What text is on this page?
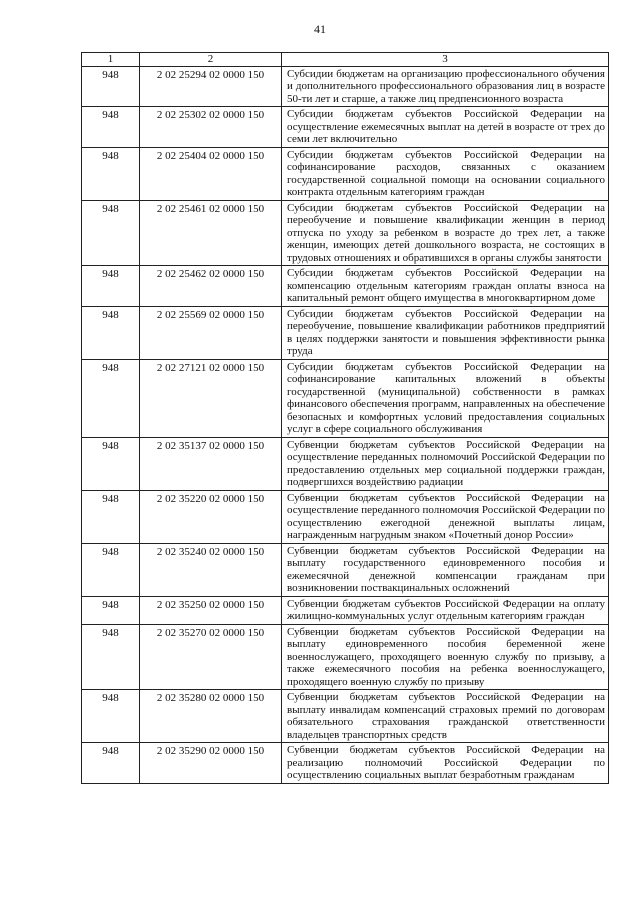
41
1	2	3
948	2 02 25294 02 0000 150	Субсидии бюджетам на организацию профессионального обучения и дополнительного профессионального образования лиц в возрасте 50-ти лет и старше, а также лиц предпенсионного возраста
948	2 02 25302 02 0000 150	Субсидии бюджетам субъектов Российской Федерации на осуществление ежемесячных выплат на детей в возрасте от трех до семи лет включительно
948	2 02 25404 02 0000 150	Субсидии бюджетам субъектов Российской Федерации на софинансирование расходов, связанных с оказанием государственной социальной помощи на основании социального контракта отдельным категориям граждан
948	2 02 25461 02 0000 150	Субсидии бюджетам субъектов Российской Федерации на переобучение и повышение квалификации женщин в период отпуска по уходу за ребенком в возрасте до трех лет, а также женщин, имеющих детей дошкольного возраста, не состоящих в трудовых отношениях и обратившихся в органы службы занятости
948	2 02 25462 02 0000 150	Субсидии бюджетам субъектов Российской Федерации на компенсацию отдельным категориям граждан оплаты взноса на капитальный ремонт общего имущества в многоквартирном доме
948	2 02 25569 02 0000 150	Субсидии бюджетам субъектов Российской Федерации на переобучение, повышение квалификации работников предприятий в целях поддержки занятости и повышения эффективности рынка труда
948	2 02 27121 02 0000 150	Субсидии бюджетам субъектов Российской Федерации на софинансирование капитальных вложений в объекты государственной (муниципальной) собственности в рамках финансового обеспечения программ, направленных на обеспечение безопасных и комфортных условий предоставления социальных услуг в сфере социального обслуживания
948	2 02 35137 02 0000 150	Субвенции бюджетам субъектов Российской Федерации на осуществление переданных полномочий Российской Федерации по предоставлению отдельных мер социальной поддержки граждан, подвергшихся воздействию радиации
948	2 02 35220 02 0000 150	Субвенции бюджетам субъектов Российской Федерации на осуществление переданного полномочия Российской Федерации по осуществлению ежегодной денежной выплаты лицам, награжденным нагрудным знаком «Почетный донор России»
948	2 02 35240 02 0000 150	Субвенции бюджетам субъектов Российской Федерации на выплату государственного единовременного пособия и ежемесячной денежной компенсации гражданам при возникновении поствакцинальных осложнений
948	2 02 35250 02 0000 150	Субвенции бюджетам субъектов Российской Федерации на оплату жилищно-коммунальных услуг отдельным категориям граждан
948	2 02 35270 02 0000 150	Субвенции бюджетам субъектов Российской Федерации на выплату единовременного пособия беременной жене военнослужащего, проходящего военную службу по призыву, а также ежемесячного пособия на ребенка военнослужащего, проходящего военную службу по призыву
948	2 02 35280 02 0000 150	Субвенции бюджетам субъектов Российской Федерации на выплату инвалидам компенсаций страховых премий по договорам обязательного страхования гражданской ответственности владельцев транспортных средств
948	2 02 35290 02 0000 150	Субвенции бюджетам субъектов Российской Федерации на реализацию полномочий Российской Федерации по осуществлению социальных выплат безработным гражданам
